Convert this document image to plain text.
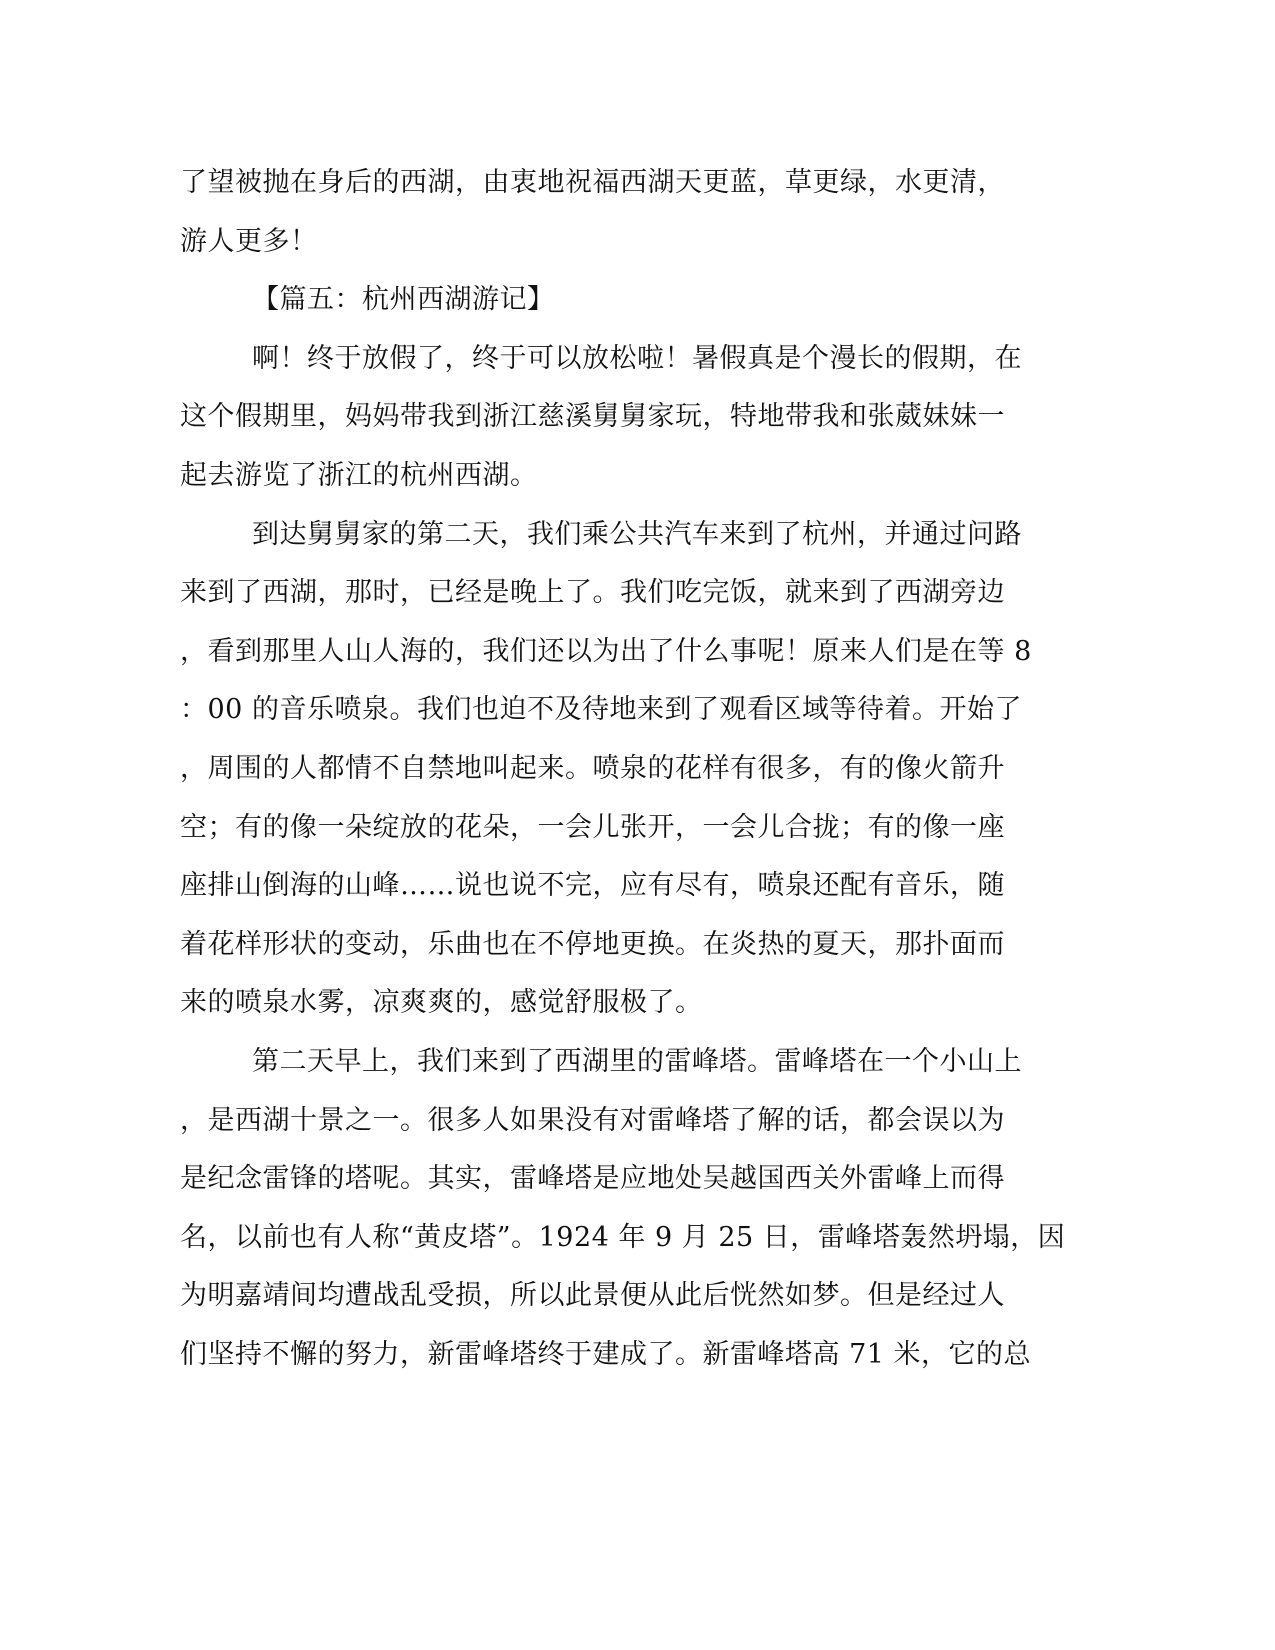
了望被抛在身后的西湖，由衷地祝福西湖天更蓝，草更绿，水更清，
游人更多！
【篇五：杭州西湖游记】
啊！终于放假了，终于可以放松啦！暑假真是个漫长的假期，在
这个假期里，妈妈带我到浙江慈溪舅舅家玩，特地带我和张葳妹妹一
起去游览了浙江的杭州西湖。
到达舅舅家的第二天，我们乘公共汽车来到了杭州，并通过问路
来到了西湖，那时，已经是晚上了。我们吃完饭，就来到了西湖旁边
，看到那里人山人海的，我们还以为出了什么事呢！原来人们是在等 8
：00 的音乐喷泉。我们也迫不及待地来到了观看区域等待着。开始了
，周围的人都情不自禁地叫起来。喷泉的花样有很多，有的像火箭升
空；有的像一朵绽放的花朵，一会儿张开，一会儿合拢；有的像一座
座排山倒海的山峰……说也说不完，应有尽有，喷泉还配有音乐，随
着花样形状的变动，乐曲也在不停地更换。在炎热的夏天，那扑面而
来的喷泉水雾，凉爽爽的，感觉舒服极了。
第二天早上，我们来到了西湖里的雷峰塔。雷峰塔在一个小山上
，是西湖十景之一。很多人如果没有对雷峰塔了解的话，都会误以为
是纪念雷锋的塔呢。其实，雷峰塔是应地处吴越国西关外雷峰上而得
名，以前也有人称“黄皮塔”。1924 年 9 月 25 日，雷峰塔轰然坍塌，因
为明嘉靖间均遭战乱受损，所以此景便从此后恍然如梦。但是经过人
们坚持不懈的努力，新雷峰塔终于建成了。新雷峰塔高 71 米，它的总
